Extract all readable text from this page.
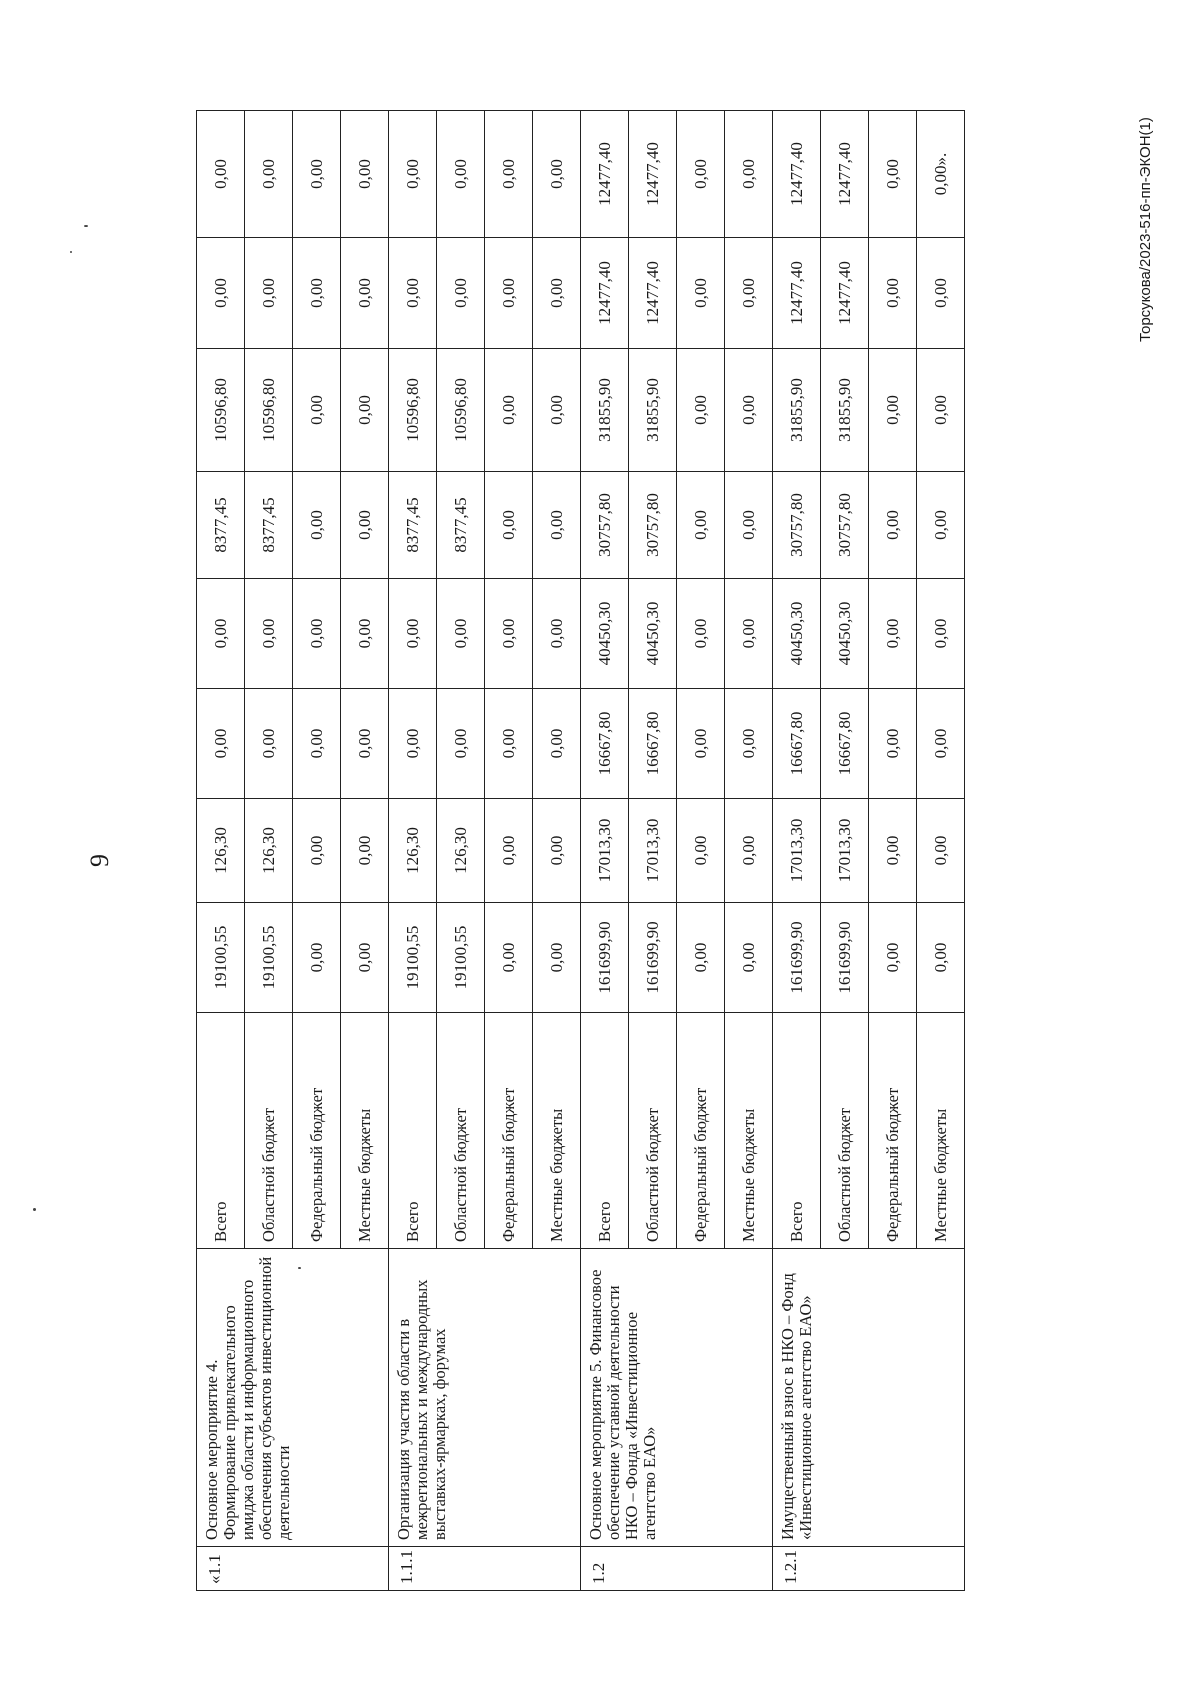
9
«1.1	Основное мероприятие 4. Формирование привлекательного имиджа области и информационного обеспечения субъектов инвестиционной деятельности	Всего	19100,55	126,30	0,00	0,00	8377,45	10596,80	0,00	0,00
		Областной бюджет	19100,55	126,30	0,00	0,00	8377,45	10596,80	0,00	0,00
		Федеральный бюджет	0,00	0,00	0,00	0,00	0,00	0,00	0,00	0,00
		Местные бюджеты	0,00	0,00	0,00	0,00	0,00	0,00	0,00	0,00
1.1.1	Организация участия области в межрегиональных и международных выставках-ярмарках, форумах	Всего	19100,55	126,30	0,00	0,00	8377,45	10596,80	0,00	0,00
		Областной бюджет	19100,55	126,30	0,00	0,00	8377,45	10596,80	0,00	0,00
		Федеральный бюджет	0,00	0,00	0,00	0,00	0,00	0,00	0,00	0,00
		Местные бюджеты	0,00	0,00	0,00	0,00	0,00	0,00	0,00	0,00
1.2	Основное мероприятие 5. Финансовое обеспечение уставной деятельности НКО – Фонда «Инвестиционное агентство ЕАО»	Всего	161699,90	17013,30	16667,80	40450,30	30757,80	31855,90	12477,40	12477,40
		Областной бюджет	161699,90	17013,30	16667,80	40450,30	30757,80	31855,90	12477,40	12477,40
		Федеральный бюджет	0,00	0,00	0,00	0,00	0,00	0,00	0,00	0,00
		Местные бюджеты	0,00	0,00	0,00	0,00	0,00	0,00	0,00	0,00
1.2.1	Имущественный взнос в НКО – Фонд «Инвестиционное агентство ЕАО»	Всего	161699,90	17013,30	16667,80	40450,30	30757,80	31855,90	12477,40	12477,40
		Областной бюджет	161699,90	17013,30	16667,80	40450,30	30757,80	31855,90	12477,40	12477,40
		Федеральный бюджет	0,00	0,00	0,00	0,00	0,00	0,00	0,00	0,00
		Местные бюджеты	0,00	0,00	0,00	0,00	0,00	0,00	0,00	0,00».	Торсукова/2023-516-пп-ЭКОН(1)
